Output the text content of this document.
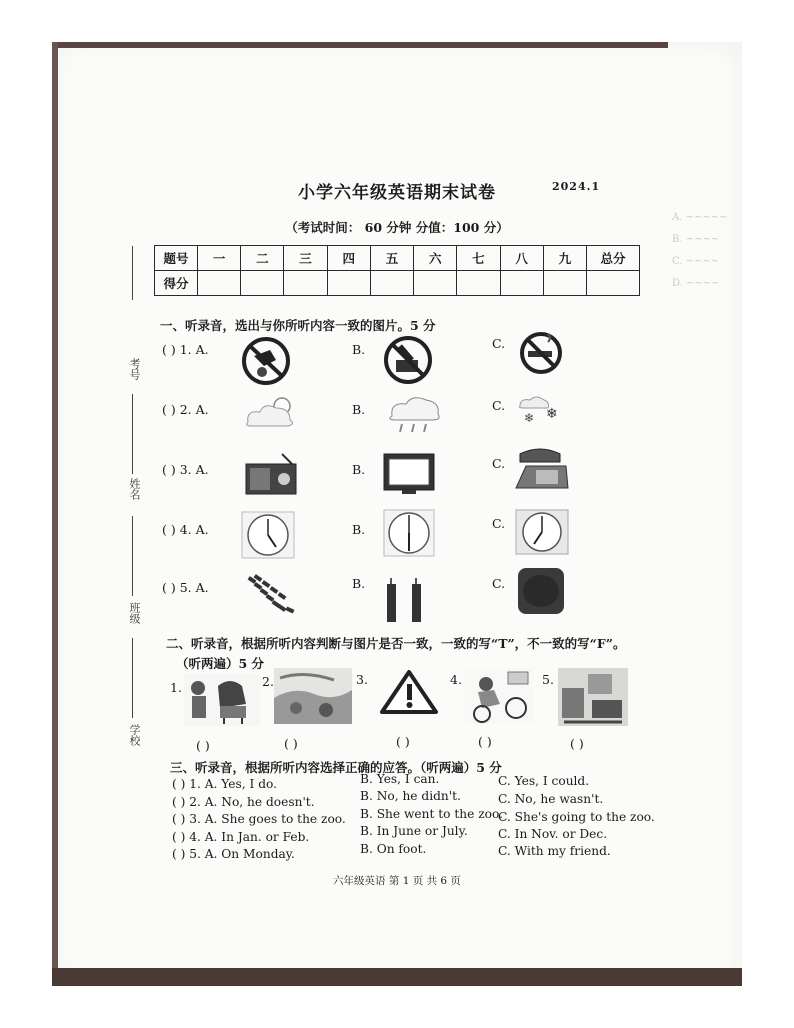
A. ~~~~~
B. ~~~~
C. ~~~~
D. ~~~~
小学六年级英语期末试卷	2024.1
（考试时间： 60 分钟 分值：100 分）
题号	一	二	三	四	五	六	七	八	九	总分
得分										
考号
姓名
班级
学校
一、听录音，选出与你所听内容一致的图片。5 分
( ) 1. A.	B.	C.
( ) 2. A.	B.	C.
❄ ❄
( ) 3. A.	B.	C.
( ) 4. A.	B.	C.
( ) 5. A.	B.	C.
二、听录音，根据所听内容判断与图片是否一致，一致的写“T”，不一致的写“F”。
（听两遍）5 分
1.	2.	3.	4.	5.
( )	( )	( )	( )	( )
三、听录音，根据所听内容选择正确的应答。（听两遍）5 分
( ) 1. A. Yes, I do.	B. Yes, I can.	C. Yes, I could.
( ) 2. A. No, he doesn't.	B. No, he didn't.	C. No, he wasn't.
( ) 3. A. She goes to the zoo. B. She went to the zoo.
C. She's going to the zoo.
( ) 4. A. In Jan. or Feb.	B. In June or July. C. In Nov. or Dec.
( ) 5. A. On Monday.	B. On foot.	C. With my friend.
六年级英语 第 1 页 共 6 页
